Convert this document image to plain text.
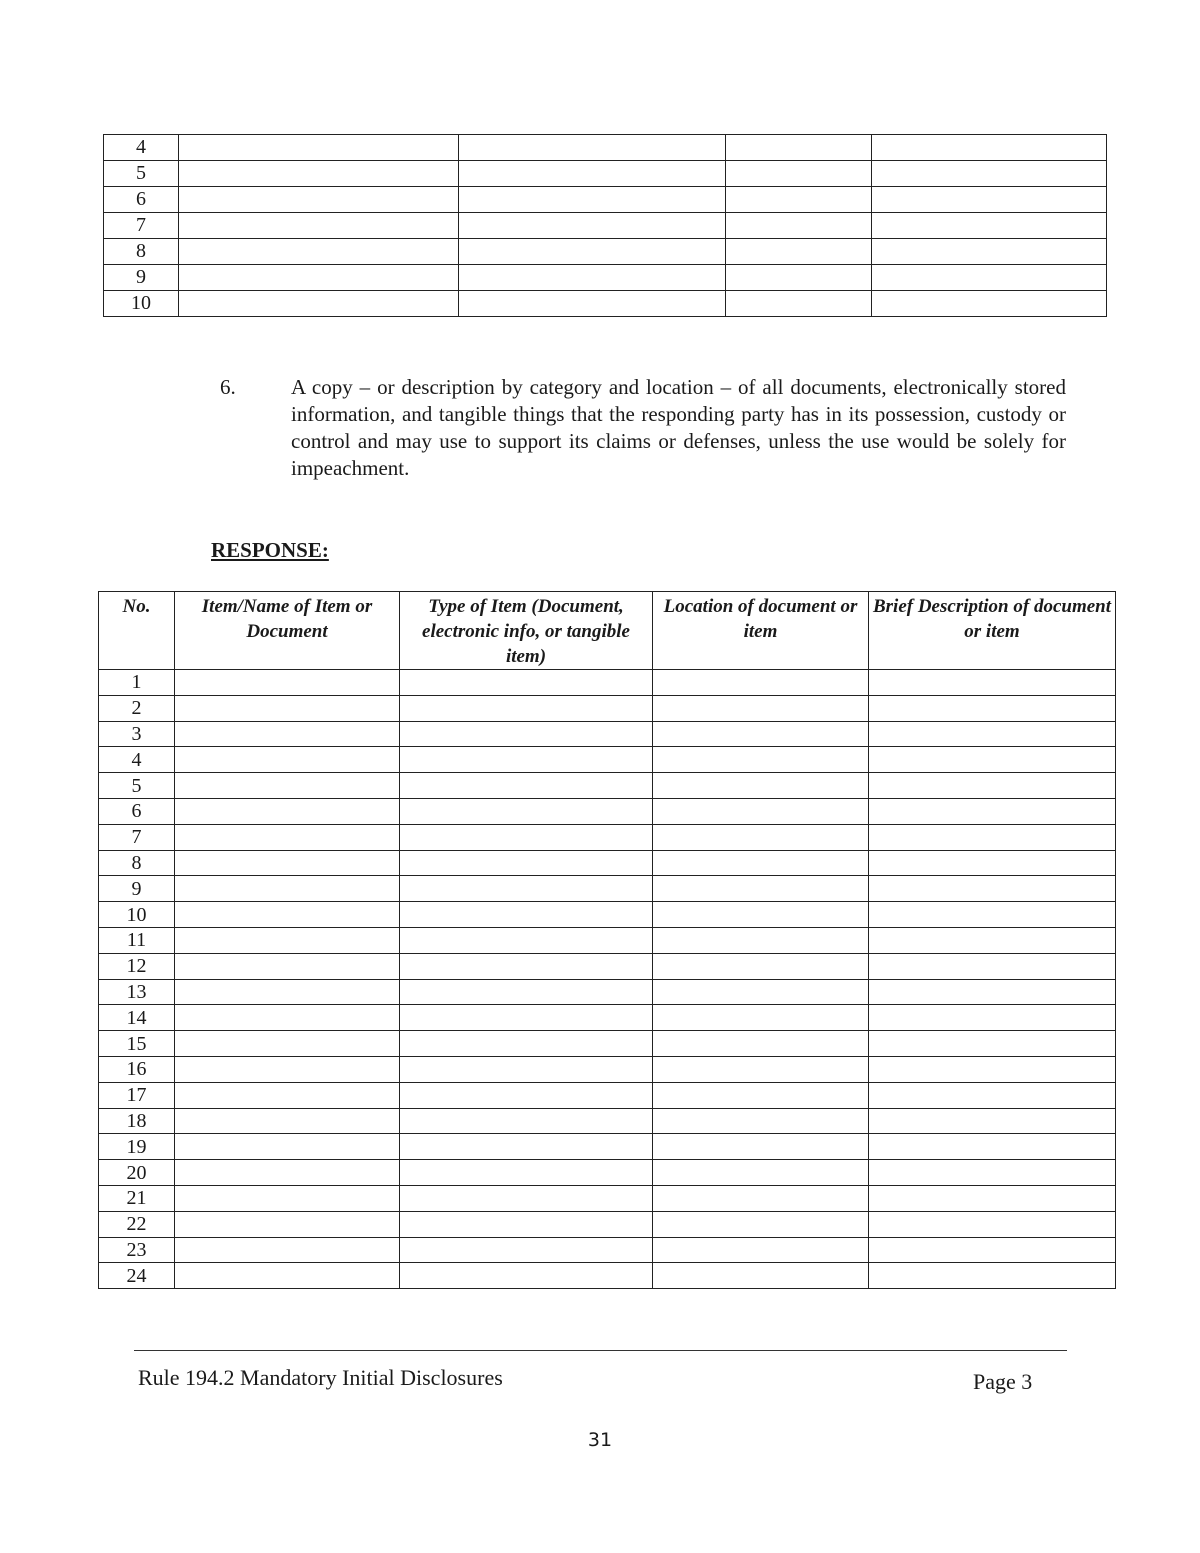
4				
5				
6				
7				
8				
9				
10				
6.	A copy – or description by category and location – of all documents, electronically stored information, and tangible things that the responding party has in its possession, custody or control and may use to support its claims or defenses, unless the use would be solely for impeachment.
RESPONSE:
No.	Item/Name of Item or Document	Type of Item (Document, electronic info, or tangible item)	Location of document or item	Brief Description of document or item
1				
2				
3				
4				
5				
6				
7				
8				
9				
10				
11				
12				
13				
14				
15				
16				
17				
18				
19				
20				
21				
22				
23				
24				
Rule 194.2 Mandatory Initial Disclosures	Page 3
31
